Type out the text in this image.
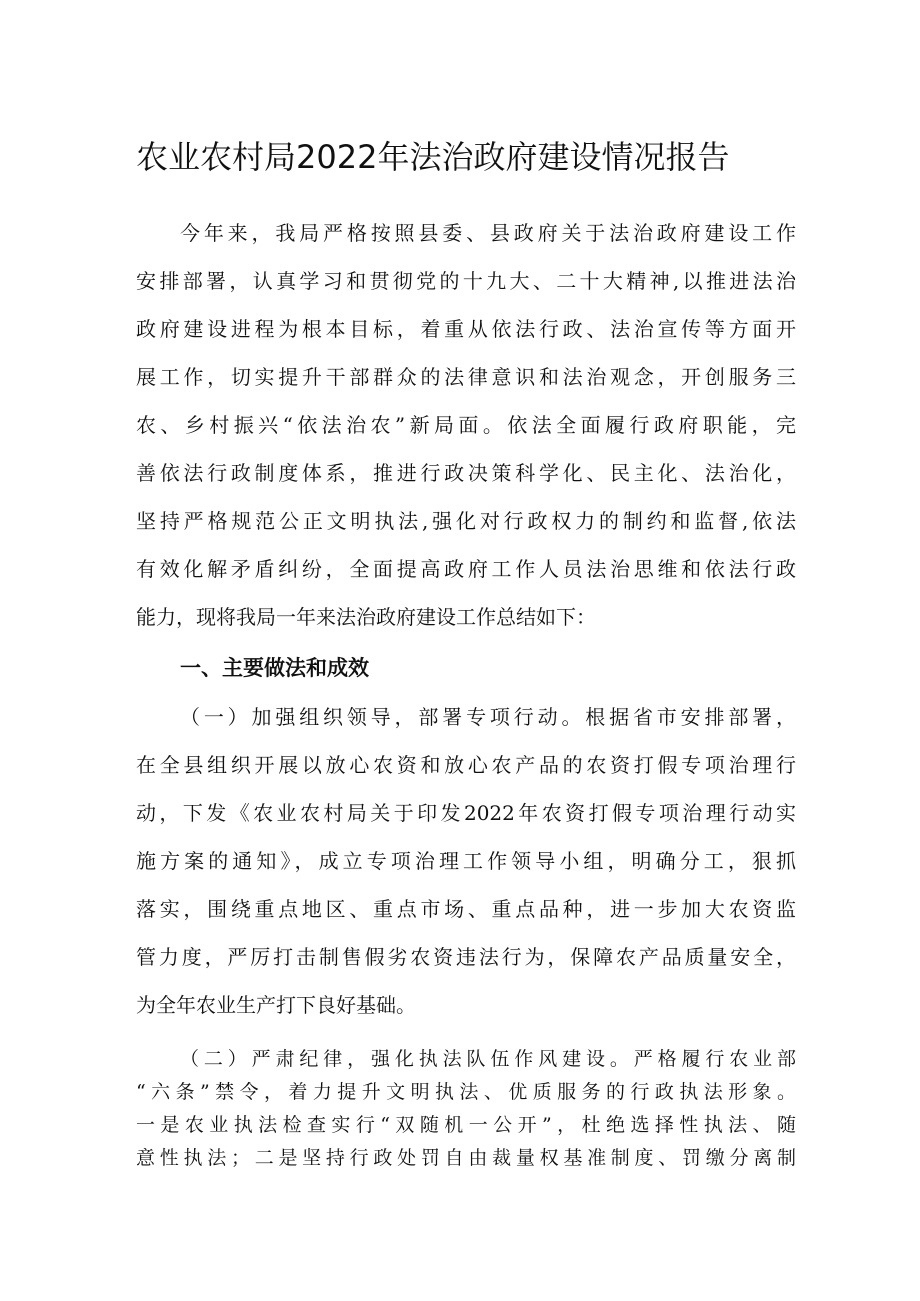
农业农村局2022年法治政府建设情况报告
今年来，我局严格按照县委、县政府关于法治政府建设工作
安排部署，认真学习和贯彻党的十九大、二十大精神,以推进法治
政府建设进程为根本目标，着重从依法行政、法治宣传等方面开
展工作，切实提升干部群众的法律意识和法治观念，开创服务三
农、乡村振兴“依法治农”新局面。依法全面履行政府职能，完
善依法行政制度体系，推进行政决策科学化、民主化、法治化，
坚持严格规范公正文明执法,强化对行政权力的制约和监督,依法
有效化解矛盾纠纷，全面提高政府工作人员法治思维和依法行政
能力，现将我局一年来法治政府建设工作总结如下：
一、主要做法和成效
（一）加强组织领导，部署专项行动。根据省市安排部署，
在全县组织开展以放心农资和放心农产品的农资打假专项治理行
动，下发《农业农村局关于印发2022年农资打假专项治理行动实
施方案的通知》，成立专项治理工作领导小组，明确分工，狠抓
落实，围绕重点地区、重点市场、重点品种，进一步加大农资监
管力度，严厉打击制售假劣农资违法行为，保障农产品质量安全，
为全年农业生产打下良好基础。
（二）严肃纪律，强化执法队伍作风建设。严格履行农业部
“六条”禁令，着力提升文明执法、优质服务的行政执法形象。
一是农业执法检查实行“双随机一公开”，杜绝选择性执法、随
意性执法；二是坚持行政处罚自由裁量权基准制度、罚缴分离制
